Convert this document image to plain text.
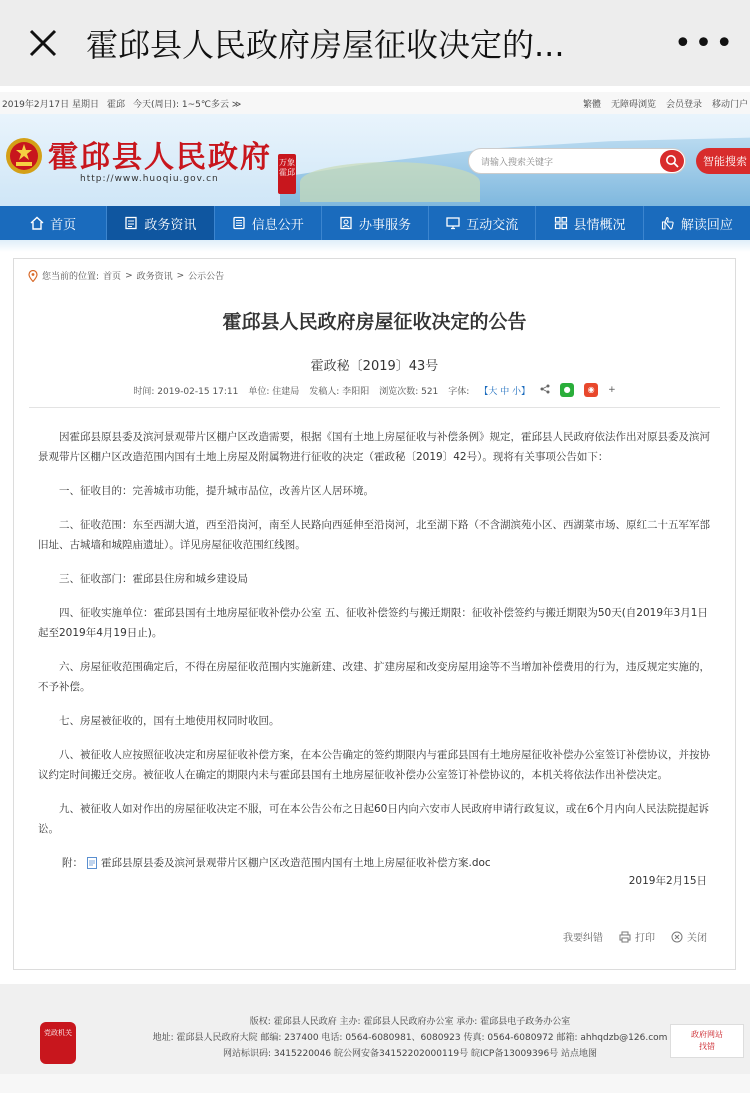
霍邱县人民政府房屋征收决定的...	•••
2019年2月17日 星期日 霍邱 今天(周日): 1~5℃多云 ≫	繁體 无障碍浏览 会员登录 移动门户
霍邱县人民政府
http://www.huoqiu.gov.cn
万象霍邱
请输入搜索关键字	智能搜索
首页	政务资讯	信息公开	办事服务	互动交流	县情概况	解读回应
您当前的位置: 首页 > 政务资讯 > 公示公告
霍邱县人民政府房屋征收决定的公告
霍政秘〔2019〕43号
时间: 2019-02-15 17:11 单位: 住建局 发稿人: 李阳阳 浏览次数: 521 字体: 【大 中 小】	●	◉	+

因霍邱县原县委及滨河景观带片区棚户区改造需要，根据《国有土地上房屋征收与补偿条例》规定，霍邱县人民政府依法作出对原县委及滨河景观带片区棚户区改造范围内国有土地上房屋及附属物进行征收的决定（霍政秘〔2019〕42号）。现将有关事项公告如下：

一、征收目的：完善城市功能，提升城市品位，改善片区人居环境。

二、征收范围：东至西湖大道，西至沿岗河，南至人民路向西延伸至沿岗河，北至湖下路（不含湖滨苑小区、西湖菜市场、原红二十五军军部旧址、古城墙和城隍庙遗址）。详见房屋征收范围红线图。

三、征收部门：霍邱县住房和城乡建设局

四、征收实施单位：霍邱县国有土地房屋征收补偿办公室 五、征收补偿签约与搬迁期限：征收补偿签约与搬迁期限为50天(自2019年3月1日起至2019年4月19日止)。

六、房屋征收范围确定后，不得在房屋征收范围内实施新建、改建、扩建房屋和改变房屋用途等不当增加补偿费用的行为，违反规定实施的，不予补偿。

七、房屋被征收的，国有土地使用权同时收回。

八、被征收人应按照征收决定和房屋征收补偿方案，在本公告确定的签约期限内与霍邱县国有土地房屋征收补偿办公室签订补偿协议，并按协议约定时间搬迁交房。被征收人在确定的期限内未与霍邱县国有土地房屋征收补偿办公室签订补偿协议的，本机关将依法作出补偿决定。

九、被征收人如对作出的房屋征收决定不服，可在本公告公布之日起60日内向六安市人民政府申请行政复议，或在6个月内向人民法院提起诉讼。

附： 霍邱县原县委及滨河景观带片区棚户区改造范围内国有土地上房屋征收补偿方案.doc
2019年2月15日
我要纠错	打印	关闭
党政机关
版权: 霍邱县人民政府 主办: 霍邱县人民政府办公室 承办: 霍邱县电子政务办公室
地址: 霍邱县人民政府大院 邮编: 237400 电话: 0564-6080981、6080923 传真: 0564-6080972 邮箱: ahhqdzb@126.com
网站标识码: 3415220046 皖公网安备34152202000119号 皖ICP备13009396号 站点地图
政府网站
找错
